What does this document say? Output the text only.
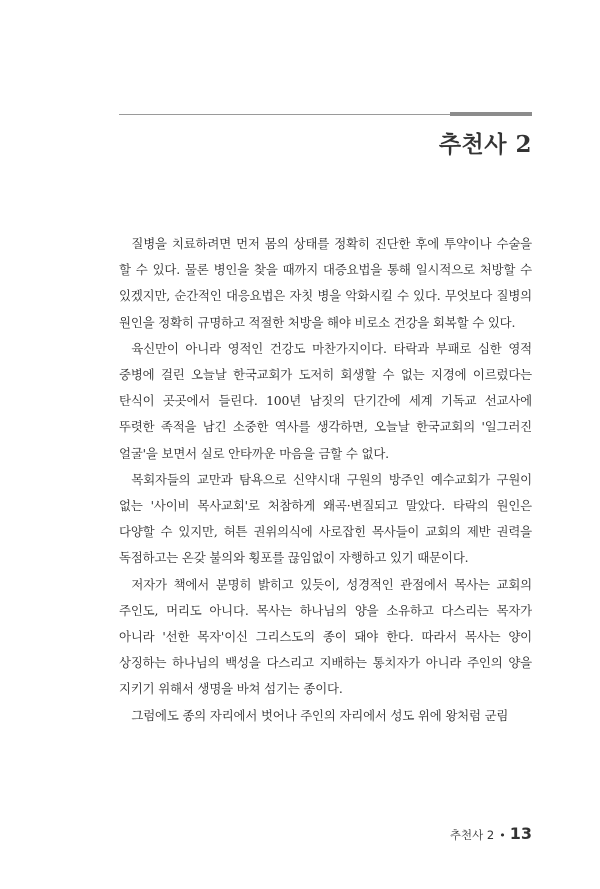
추천사 2

질병을 치료하려면 먼저 몸의 상태를 정확히 진단한 후에 투약이나 수술을 할 수 있다. 물론 병인을 찾을 때까지 대증요법을 통해 일시적으로 처방할 수 있겠지만, 순간적인 대응요법은 자칫 병을 악화시킬 수 있다. 무엇보다 질병의 원인을 정확히 규명하고 적절한 처방을 해야 비로소 건강을 회복할 수 있다.

육신만이 아니라 영적인 건강도 마찬가지이다. 타락과 부패로 심한 영적 중병에 걸린 오늘날 한국교회가 도저히 회생할 수 없는 지경에 이르렀다는 탄식이 곳곳에서 들린다. 100년 남짓의 단기간에 세계 기독교 선교사에 뚜렷한 족적을 남긴 소중한 역사를 생각하면, 오늘날 한국교회의 '일그러진 얼굴'을 보면서 실로 안타까운 마음을 금할 수 없다.

목회자들의 교만과 탐욕으로 신약시대 구원의 방주인 예수교회가 구원이 없는 '사이비 목사교회'로 처참하게 왜곡·변질되고 말았다. 타락의 원인은 다양할 수 있지만, 허튼 권위의식에 사로잡힌 목사들이 교회의 제반 권력을 독점하고는 온갖 불의와 횡포를 끊임없이 자행하고 있기 때문이다.

저자가 책에서 분명히 밝히고 있듯이, 성경적인 관점에서 목사는 교회의 주인도, 머리도 아니다. 목사는 하나님의 양을 소유하고 다스리는 목자가 아니라 '선한 목자'이신 그리스도의 종이 돼야 한다. 따라서 목사는 양이 상징하는 하나님의 백성을 다스리고 지배하는 통치자가 아니라 주인의 양을 지키기 위해서 생명을 바쳐 섬기는 종이다.

그럼에도 종의 자리에서 벗어나 주인의 자리에서 성도 위에 왕처럼 군림

추천사 2 • 13
